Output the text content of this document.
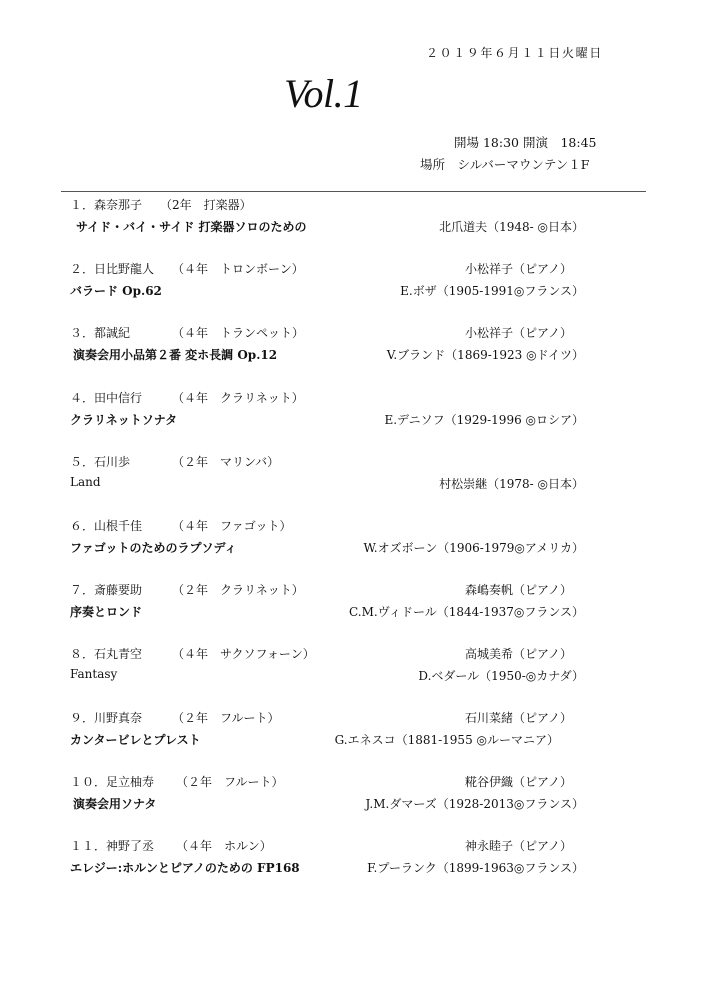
２０１９年６月１１日火曜日
Vol.1
開場 18:30 開演　18:45
場所　シルバーマウンテン１F
１．森奈那子 （2年　打楽器）
サイド・バイ・サイド 打楽器ソロのための	北爪道夫（1948- ◎日本）
２．日比野龍人 （４年　トロンボーン）	小松祥子（ピアノ）
バラード Op.62	E.ボザ（1905-1991◎フランス）
３．都誠紀	（４年　トランペット）	小松祥子（ピアノ）
演奏会用小品第２番 変ホ長調 Op.12	V.ブランド（1869-1923 ◎ドイツ）
４．田中信行	（４年　クラリネット）
クラリネットソナタ	E.デニソフ（1929-1996 ◎ロシア）
５．石川歩	（２年　マリンバ）
Land	村松崇継（1978- ◎日本）
６．山根千佳	（４年　ファゴット）
ファゴットのためのラプソディ	W.オズボーン（1906-1979◎アメリカ）
７．斎藤要助	（２年　クラリネット）	森嶋奏帆（ピアノ）
序奏とロンド	C.M.ヴィドール（1844-1937◎フランス）
８．石丸青空	（４年　サクソフォーン）	高城美希（ピアノ）
Fantasy	D.ベダール（1950-◎カナダ）
９．川野真奈	（２年　フルート）	石川菜緒（ピアノ）
カンタービレとプレスト	G.エネスコ（1881-1955 ◎ルーマニア）
１０．足立柚寿 （２年　フルート）	糀谷伊織（ピアノ）
演奏会用ソナタ	J.M.ダマーズ（1928-2013◎フランス）
１１．神野了丞 （４年　ホルン）	神永睦子（ピアノ）
エレジー:ホルンとピアノのための FP168	F.プーランク（1899-1963◎フランス）
